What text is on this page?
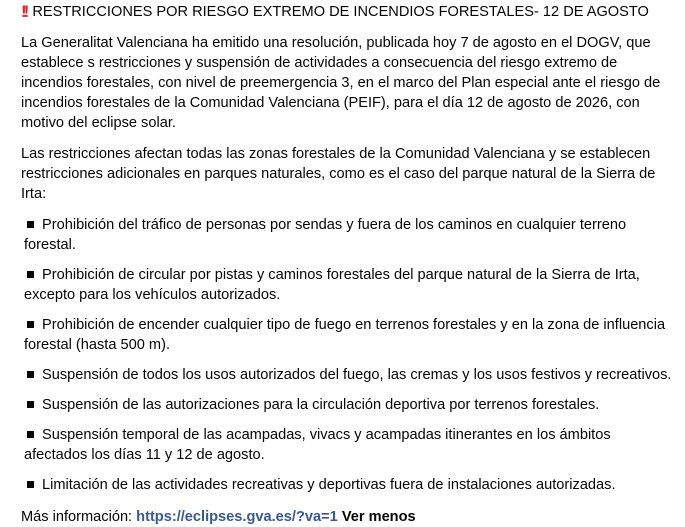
!! RESTRICCIONES POR RIESGO EXTREMO DE INCENDIOS FORESTALES- 12 DE AGOSTO

La Generalitat Valenciana ha emitido una resolución, publicada hoy 7 de agosto en el DOGV, que establece s restricciones y suspensión de actividades a consecuencia del riesgo extremo de incendios forestales, con nivel de preemergencia 3, en el marco del Plan especial ante el riesgo de incendios forestales de la Comunidad Valenciana (PEIF), para el día 12 de agosto de 2026, con motivo del eclipse solar.

Las restricciones afectan todas las zonas forestales de la Comunidad Valenciana y se establecen restricciones adicionales en parques naturales, como es el caso del parque natural de la Sierra de Irta:

Prohibición del tráfico de personas por sendas y fuera de los caminos en cualquier terreno forestal.
Prohibición de circular por pistas y caminos forestales del parque natural de la Sierra de Irta, excepto para los vehículos autorizados.
Prohibición de encender cualquier tipo de fuego en terrenos forestales y en la zona de influencia forestal (hasta 500 m).
Suspensión de todos los usos autorizados del fuego, las cremas y los usos festivos y recreativos.
Suspensión de las autorizaciones para la circulación deportiva por terrenos forestales.
Suspensión temporal de las acampadas, vivacs y acampadas itinerantes en los ámbitos afectados los días 11 y 12 de agosto.
Limitación de las actividades recreativas y deportivas fuera de instalaciones autorizadas.
Más información: https://eclipses.gva.es/?va=1 Ver menos
